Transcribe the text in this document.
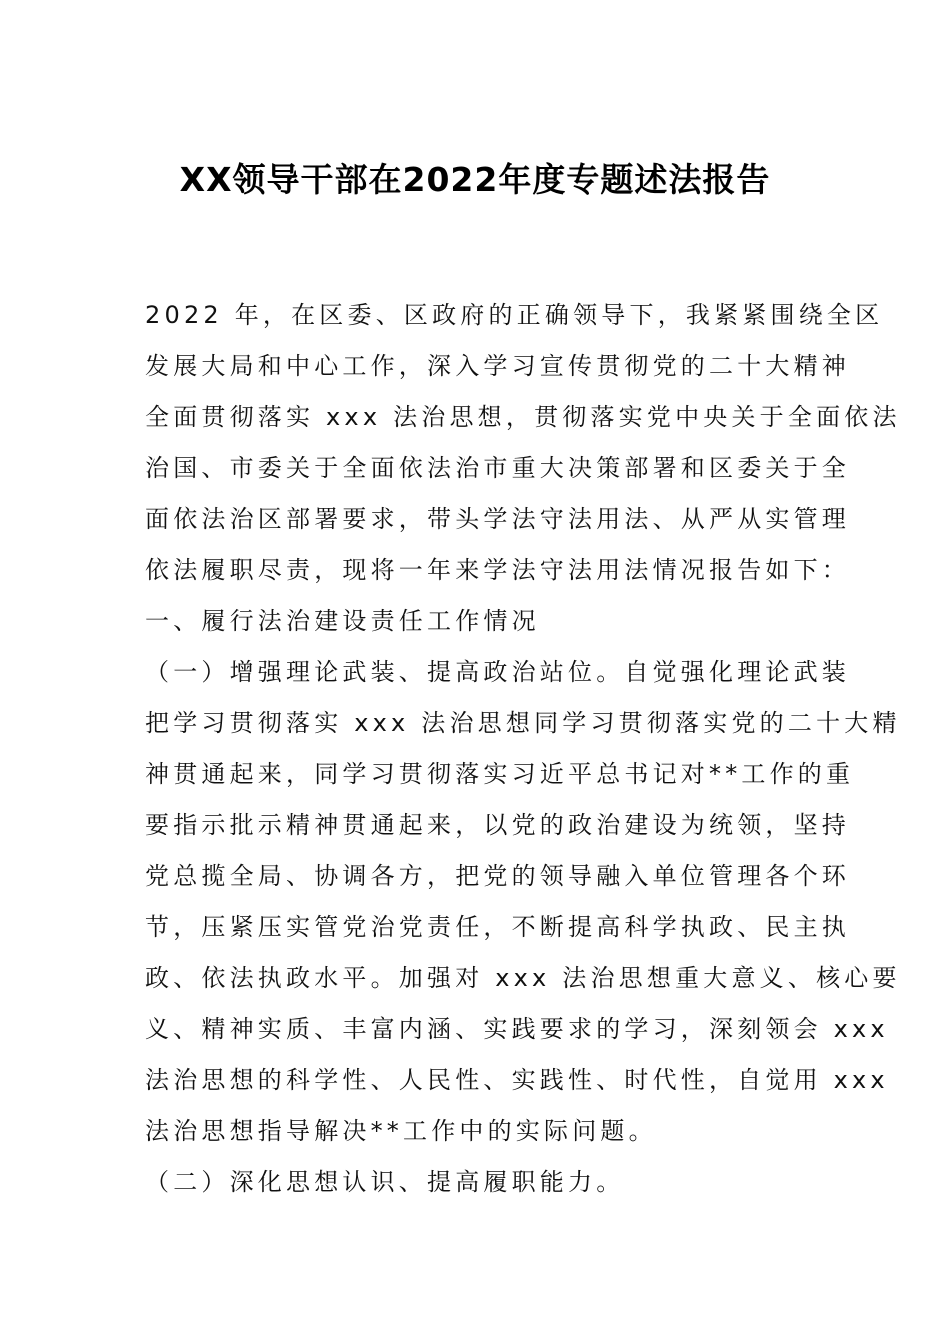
XX领导干部在2022年度专题述法报告
2022 年，在区委、区政府的正确领导下，我紧紧围绕全区
发展大局和中心工作，深入学习宣传贯彻党的二十大精神
全面贯彻落实 xxx 法治思想，贯彻落实党中央关于全面依法
治国、市委关于全面依法治市重大决策部署和区委关于全
面依法治区部署要求，带头学法守法用法、从严从实管理
依法履职尽责，现将一年来学法守法用法情况报告如下：
一、履行法治建设责任工作情况
（一）增强理论武装、提高政治站位。自觉强化理论武装
把学习贯彻落实 xxx 法治思想同学习贯彻落实党的二十大精
神贯通起来，同学习贯彻落实习近平总书记对**工作的重
要指示批示精神贯通起来，以党的政治建设为统领，坚持
党总揽全局、协调各方，把党的领导融入单位管理各个环
节，压紧压实管党治党责任，不断提高科学执政、民主执
政、依法执政水平。加强对 xxx 法治思想重大意义、核心要
义、精神实质、丰富内涵、实践要求的学习，深刻领会 xxx
法治思想的科学性、人民性、实践性、时代性，自觉用 xxx
法治思想指导解决**工作中的实际问题。
（二）深化思想认识、提高履职能力。
